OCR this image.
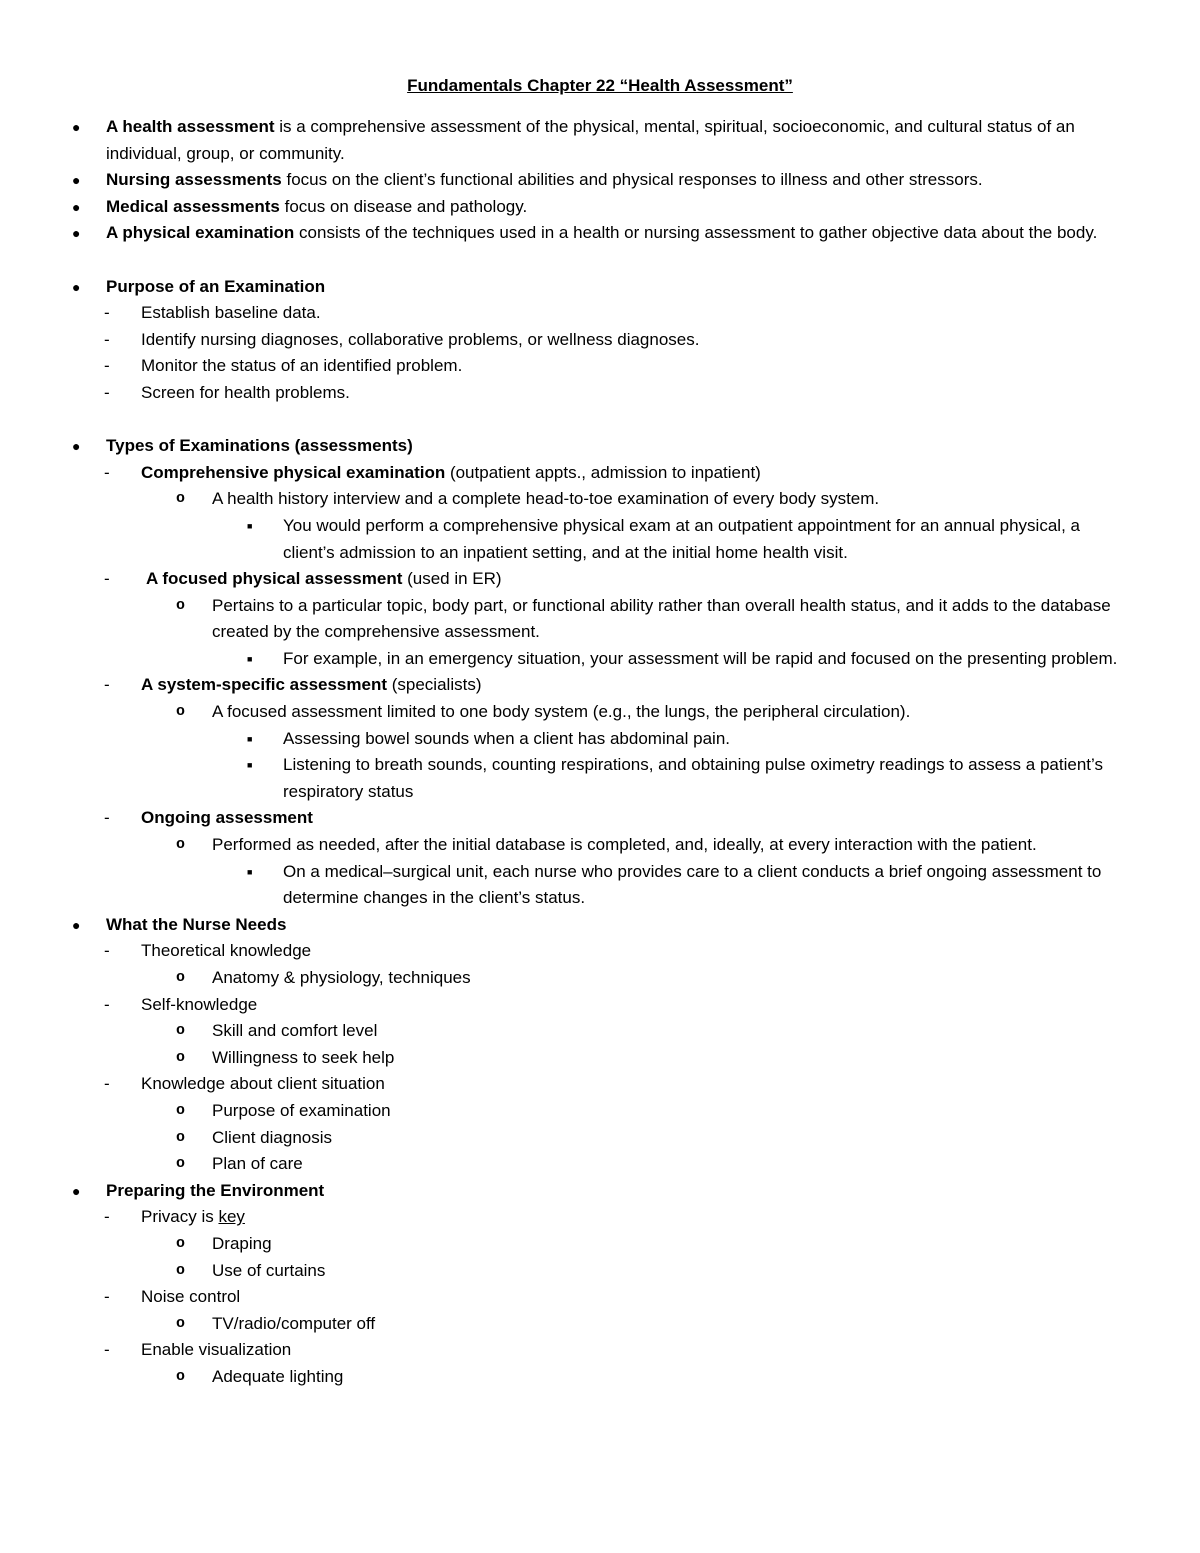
Fundamentals Chapter 22 “Health Assessment”
● A health assessment is a comprehensive assessment of the physical, mental, spiritual, socioeconomic, and cultural status of an individual, group, or community.
● Nursing assessments focus on the client’s functional abilities and physical responses to illness and other stressors.
● Medical assessments focus on disease and pathology.
● A physical examination consists of the techniques used in a health or nursing assessment to gather objective data about the body.
● Purpose of an Examination
- Establish baseline data.
- Identify nursing diagnoses, collaborative problems, or wellness diagnoses.
- Monitor the status of an identified problem.
- Screen for health problems.
● Types of Examinations (assessments)
- Comprehensive physical examination (outpatient appts., admission to inpatient)
o A health history interview and a complete head-to-toe examination of every body system.
■ You would perform a comprehensive physical exam at an outpatient appointment for an annual physical, a client’s admission to an inpatient setting, and at the initial home health visit.
- A focused physical assessment (used in ER)
o Pertains to a particular topic, body part, or functional ability rather than overall health status, and it adds to the database created by the comprehensive assessment.
■ For example, in an emergency situation, your assessment will be rapid and focused on the presenting problem.
- A system-specific assessment (specialists)
o A focused assessment limited to one body system (e.g., the lungs, the peripheral circulation).
■ Assessing bowel sounds when a client has abdominal pain.
■ Listening to breath sounds, counting respirations, and obtaining pulse oximetry readings to assess a patient’s respiratory status
- Ongoing assessment
o Performed as needed, after the initial database is completed, and, ideally, at every interaction with the patient.
■ On a medical–surgical unit, each nurse who provides care to a client conducts a brief ongoing assessment to determine changes in the client’s status.
● What the Nurse Needs
- Theoretical knowledge
o Anatomy & physiology, techniques
- Self-knowledge
o Skill and comfort level
o Willingness to seek help
- Knowledge about client situation
o Purpose of examination
o Client diagnosis
o Plan of care
● Preparing the Environment
- Privacy is key
o Draping
o Use of curtains
- Noise control
o TV/radio/computer off
- Enable visualization
o Adequate lighting
